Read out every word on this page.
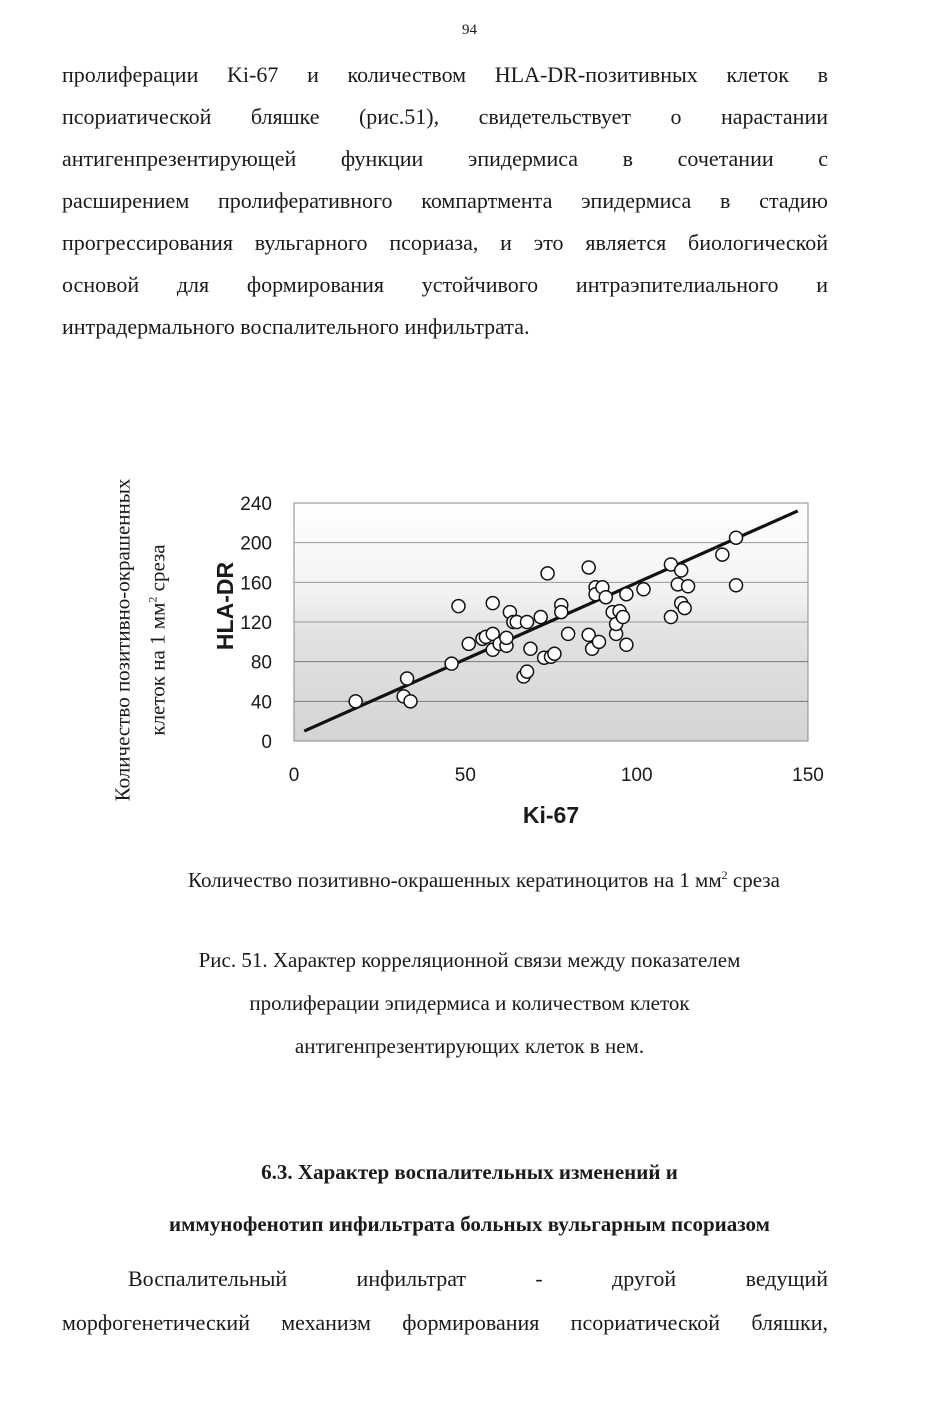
94
пролиферации Ki-67 и количеством HLA-DR-позитивных клеток в
псориатической бляшке (рис.51), свидетельствует о нарастании
антигенпрезентирующей функции эпидермиса в сочетании с
расширением пролиферативного компартмента эпидермиса в стадию
прогрессирования вульгарного псориаза, и это является биологической
основой для формирования устойчивого интраэпителиального и
интрадермального воспалительного инфильтрата.
Количество позитивно-окрашенных клеток на 1 $мм^2$ среза
0
40
80
120
160
200
240
0	50	100	150
HLA-DR
Ki-67
Количество позитивно-окрашенных кератиноцитов на 1 $мм^2$ среза
Рис. 51. Характер корреляционной связи между показателем
пролиферации эпидермиса и количеством клеток
антигенпрезентирующих клеток в нем.
6.3. Характер воспалительных изменений и
иммунофенотип инфильтрата больных вульгарным псориазом
Воспалительный инфильтрат - другой ведущий
морфогенетический механизм формирования псориатической бляшки,
